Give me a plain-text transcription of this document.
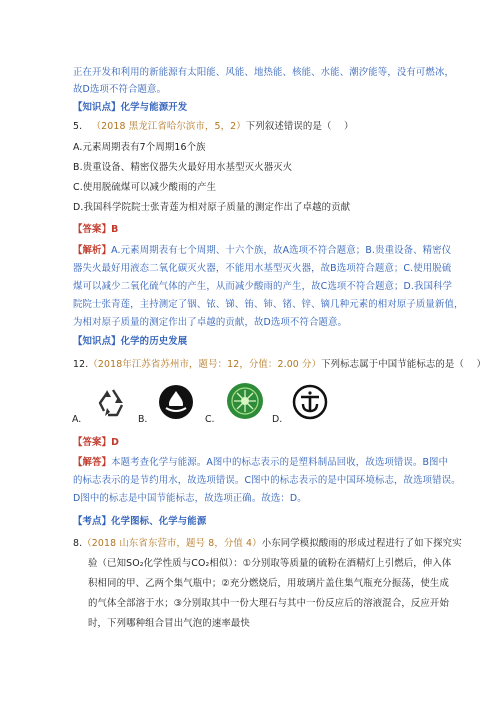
正在开发和利用的新能源有太阳能、风能、地热能、核能、水能、潮汐能等，没有可燃冰，
故D选项不符合题意。
【知识点】化学与能源开发
5.   （2018 黑龙江省哈尔滨市，5，2）下列叙述错误的是（    ）
A.元素周期表有7个周期16个族
B.贵重设备、精密仪器失火最好用水基型灭火器灭火
C.使用脱硫煤可以减少酸雨的产生
D.我国科学院院士张青莲为相对原子质量的测定作出了卓越的贡献
【答案】B
【解析】A.元素周期表有七个周期、十六个族，故A选项不符合题意；B.贵重设备、精密仪
器失火最好用液态二氧化碳灭火器，不能用水基型灭火器，故B选项符合题意；C.使用脱硫
煤可以减少二氧化硫气体的产生，从而减少酸雨的产生，故C选项不符合题意；D.我国科学
院院士张青莲，主持测定了铟、铱、锑、铕、铈、锗、锌、镝几种元素的相对原子质量新值，
为相对原子质量的测定作出了卓越的贡献，故D选项不符合题意。
【知识点】化学的历史发展
12.（2018年江苏省苏州市，题号：12，分值：2.00 分）下列标志属于中国节能标志的是（    ）
A.	B.	C.	D.
【答案】D
【解答】本题考查化学与能源。A图中的标志表示的是塑料制品回收，故选项错误。B图中
的标志表示的是节约用水，故选项错误。C图中的标志表示的是中国环境标志，故选项错误。
D图中的标志是中国节能标志，故选项正确。故选：D。
【考点】化学图标、化学与能源
8.（2018 山东省东营市，题号 8，分值 4）小东同学模拟酸雨的形成过程进行了如下探究实
验（已知SO₂化学性质与CO₂相似）：①分别取等质量的硫粉在酒精灯上引燃后，伸入体
积相同的甲、乙两个集气瓶中；②充分燃烧后，用玻璃片盖住集气瓶充分振荡，使生成
的气体全部溶于水；③分别取其中一份大理石与其中一份反应后的溶液混合，反应开始
时，下列哪种组合冒出气泡的速率最快
